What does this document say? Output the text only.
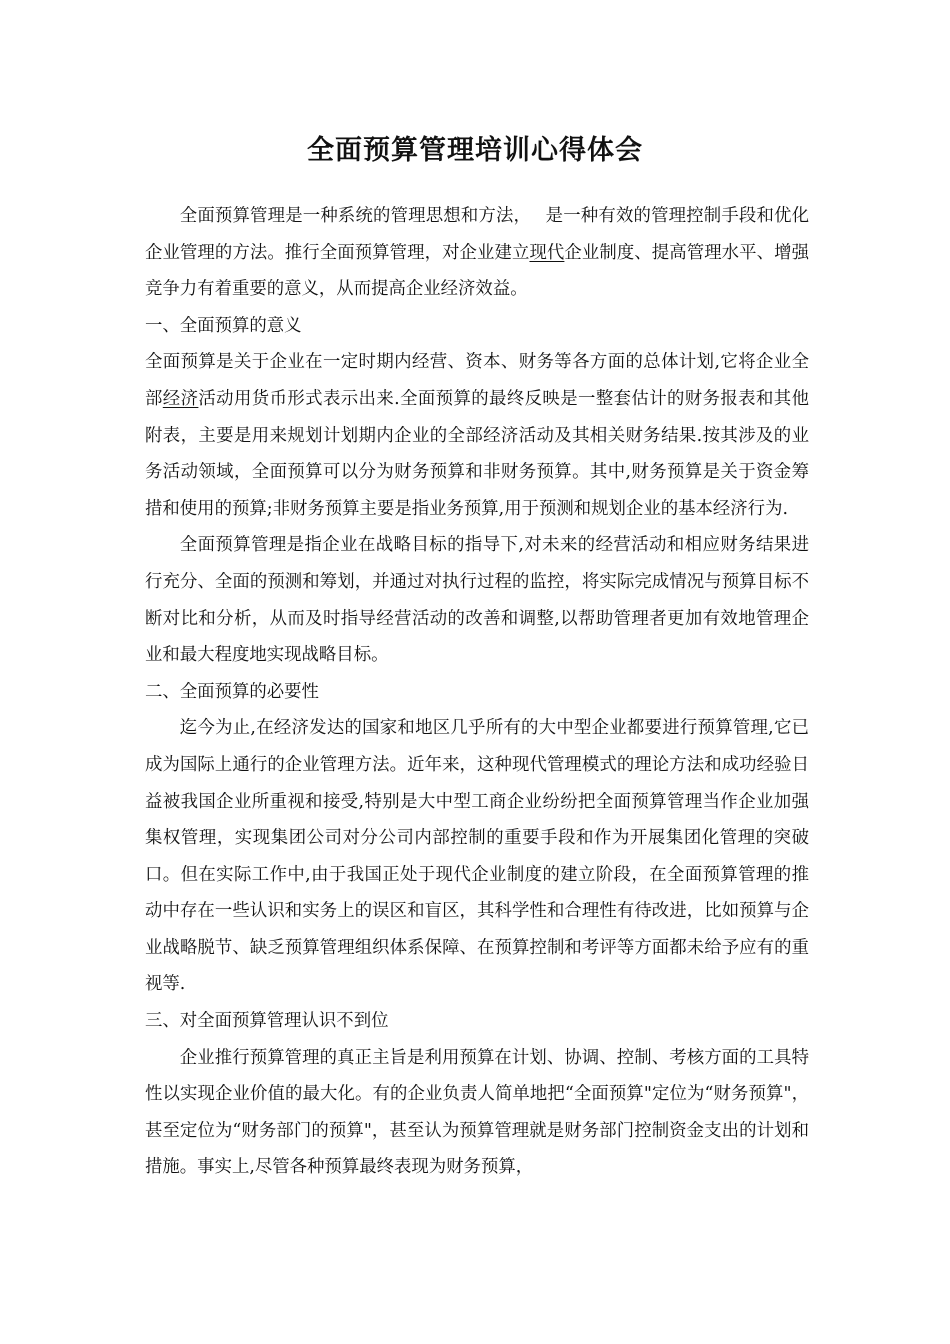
全面预算管理培训心得体会

全面预算管理是一种系统的管理思想和方法，　 是一种有效的管理控制手段和优化企业管理的方法。推行全面预算管理，对企业建立现代企业制度、提高管理水平、增强竞争力有着重要的意义，从而提高企业经济效益。

一、全面预算的意义

全面预算是关于企业在一定时期内经营、资本、财务等各方面的总体计划,它将企业全部经济活动用货币形式表示出来.全面预算的最终反映是一整套估计的财务报表和其他附表，主要是用来规划计划期内企业的全部经济活动及其相关财务结果.按其涉及的业务活动领域，全面预算可以分为财务预算和非财务预算。其中,财务预算是关于资金筹措和使用的预算;非财务预算主要是指业务预算,用于预测和规划企业的基本经济行为.

全面预算管理是指企业在战略目标的指导下,对未来的经营活动和相应财务结果进行充分、全面的预测和筹划，并通过对执行过程的监控，将实际完成情况与预算目标不断对比和分析，从而及时指导经营活动的改善和调整,以帮助管理者更加有效地管理企业和最大程度地实现战略目标。

二、全面预算的必要性

迄今为止,在经济发达的国家和地区几乎所有的大中型企业都要进行预算管理,它已成为国际上通行的企业管理方法。近年来，这种现代管理模式的理论方法和成功经验日益被我国企业所重视和接受,特别是大中型工商企业纷纷把全面预算管理当作企业加强集权管理，实现集团公司对分公司内部控制的重要手段和作为开展集团化管理的突破口。但在实际工作中,由于我国正处于现代企业制度的建立阶段，在全面预算管理的推动中存在一些认识和实务上的误区和盲区，其科学性和合理性有待改进，比如预算与企业战略脱节、缺乏预算管理组织体系保障、在预算控制和考评等方面都未给予应有的重视等.

三、对全面预算管理认识不到位

企业推行预算管理的真正主旨是利用预算在计划、协调、控制、考核方面的工具特性以实现企业价值的最大化。有的企业负责人简单地把“全面预算"定位为“财务预算"，甚至定位为“财务部门的预算"，甚至认为预算管理就是财务部门控制资金支出的计划和措施。事实上,尽管各种预算最终表现为财务预算，
